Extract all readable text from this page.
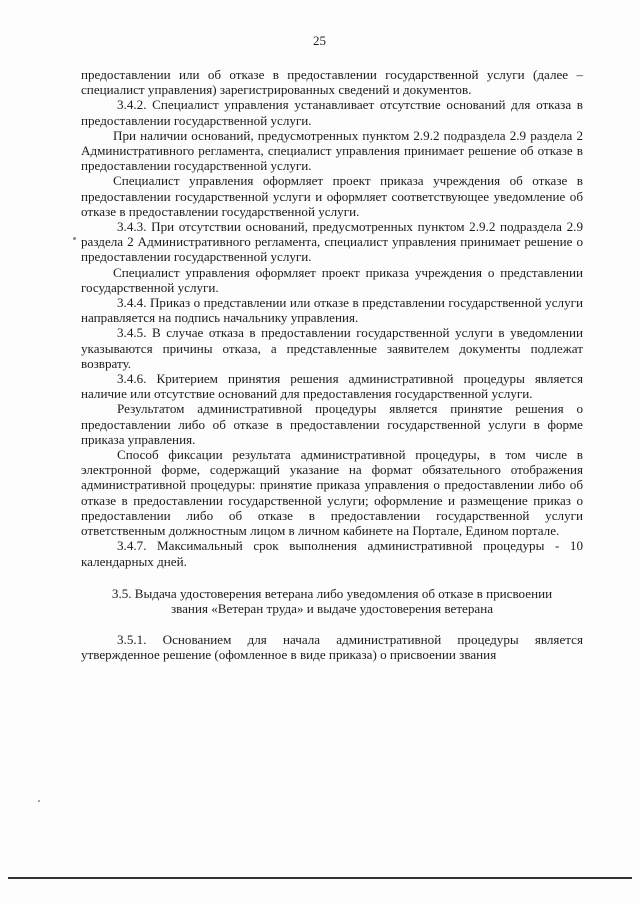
25

предоставлении или об отказе в предоставлении государственной услуги (далее – специалист управления) зарегистрированных сведений и документов.

3.4.2. Специалист управления устанавливает отсутствие оснований для отказа в предоставлении государственной услуги.

При наличии оснований, предусмотренных пунктом 2.9.2 подраздела 2.9 раздела 2 Административного регламента, специалист управления принимает решение об отказе в предоставлении государственной услуги.

Специалист управления оформляет проект приказа учреждения об отказе в предоставлении государственной услуги и оформляет соответствующее уведомление об отказе в предоставлении государственной услуги.

3.4.3. При отсутствии оснований, предусмотренных пунктом 2.9.2 подраздела 2.9 раздела 2 Административного регламента, специалист управления принимает решение о предоставлении государственной услуги.

Специалист управления оформляет проект приказа учреждения о представлении государственной услуги.

3.4.4. Приказ о представлении или отказе в представлении государственной услуги направляется на подпись начальнику управления.

3.4.5. В случае отказа в предоставлении государственной услуги в уведомлении указываются причины отказа, а представленные заявителем документы подлежат возврату.

3.4.6. Критерием принятия решения административной процедуры является наличие или отсутствие оснований для предоставления государственной услуги.

Результатом административной процедуры является принятие решения о предоставлении либо об отказе в предоставлении государственной услуги в форме приказа управления.

Способ фиксации результата административной процедуры, в том числе в электронной форме, содержащий указание на формат обязательного отображения административной процедуры: принятие приказа управления о предоставлении либо об отказе в предоставлении государственной услуги; оформление и размещение приказ о предоставлении либо об отказе в предоставлении государственной услуги ответственным должностным лицом в личном кабинете на Портале, Едином портале.

3.4.7. Максимальный срок выполнения административной процедуры - 10 календарных дней.

3.5. Выдача удостоверения ветерана либо уведомления об отказе в присвоении звания «Ветеран труда» и выдаче удостоверения ветерана

3.5.1. Основанием для начала административной процедуры является утвержденное решение (офомленное в виде приказа) о присвоении звания
